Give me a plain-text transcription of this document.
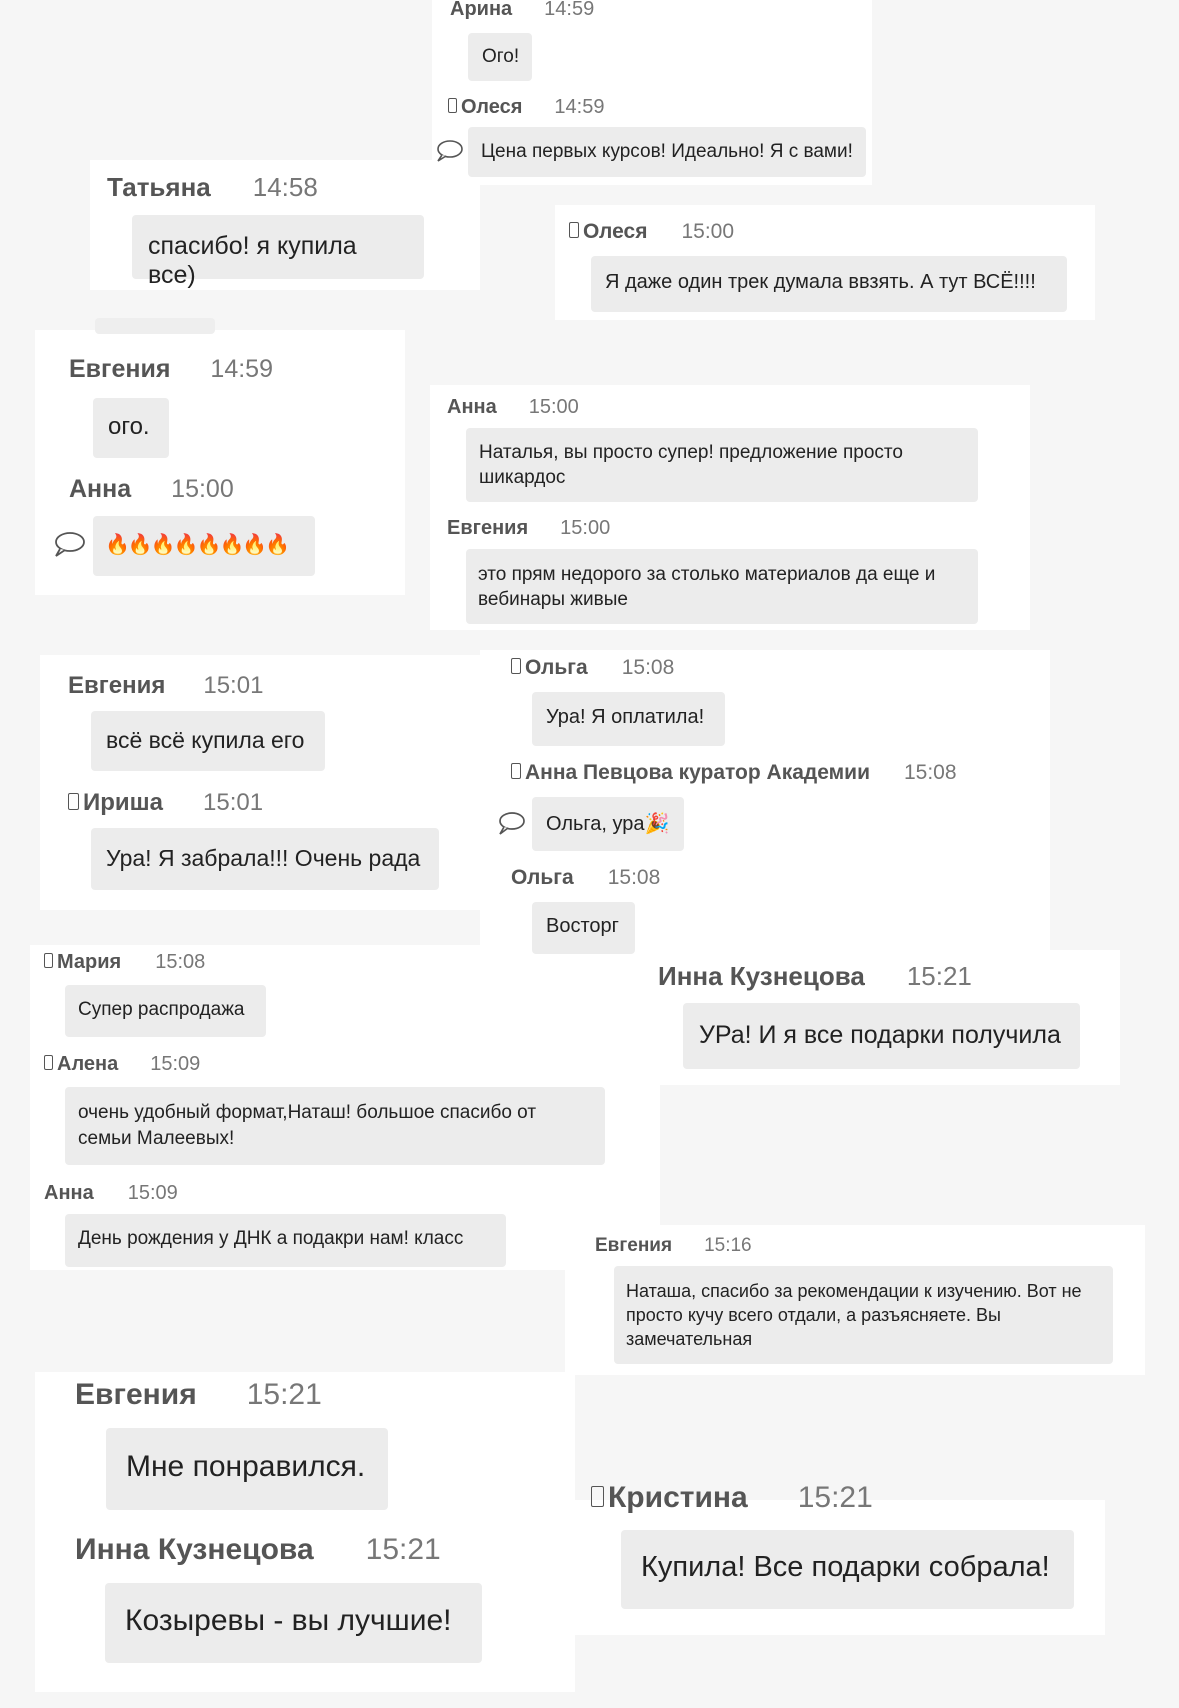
Арина 14:59
Ого!
Олеся 14:59
Цена первых курсов! Идеально! Я с вами!
Татьяна 14:58
спасибо! я купила все)
Олеся 15:00
Я даже один трек думала ввзять. А тут ВСЁ!!!!
Евгения 14:59
ого.
Анна 15:00
🔥🔥🔥🔥🔥🔥🔥🔥
Анна 15:00
Наталья, вы просто супер! предложение просто шикардос
Евгения 15:00
это прям недорого за столько материалов да еще и вебинары живые
Евгения 15:01
всё всё купила его
Ириша 15:01
Ура! Я забрала!!! Очень рада
Ольга 15:08
Ура! Я оплатила!
Анна Певцова куратор Академии 15:08
Ольга, ура🎉
Ольга 15:08
Восторг
Мария 15:08
Супер распродажа
Алена 15:09
очень удобный формат,Наташ! большое спасибо от семьи Малеевых!
Анна 15:09
День рождения у ДНК а подакри нам! класс
Инна Кузнецова 15:21
УРа! И я все подарки получила
Евгения 15:16
Наташа, спасибо за рекомендации к изучению. Вот не просто кучу всего отдали, а разъясняете. Вы замечательная
Евгения 15:21
Мне понравился.
Инна Кузнецова 15:21
Козыревы - вы лучшие!
Кристина 15:21
Купила! Все подарки собрала!
